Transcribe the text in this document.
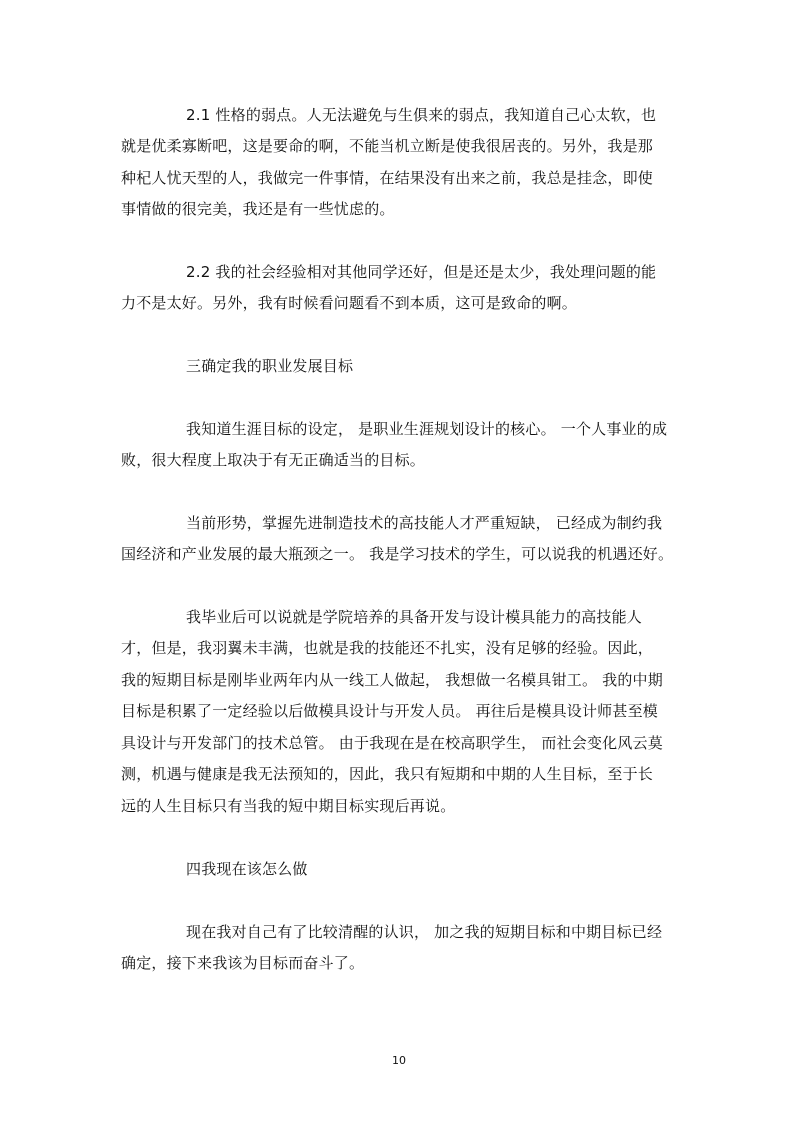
2.1 性格的弱点。人无法避免与生俱来的弱点，我知道自己心太软，也
就是优柔寡断吧，这是要命的啊，不能当机立断是使我很居丧的。另外，我是那
种杞人忧天型的人，我做完一件事情，在结果没有出来之前，我总是挂念，即使
事情做的很完美，我还是有一些忧虑的。
2.2 我的社会经验相对其他同学还好，但是还是太少，我处理问题的能
力不是太好。另外，我有时候看问题看不到本质，这可是致命的啊。
三确定我的职业发展目标
我知道生涯目标的设定， 是职业生涯规划设计的核心。 一个人事业的成
败，很大程度上取决于有无正确适当的目标。
当前形势，掌握先进制造技术的高技能人才严重短缺， 已经成为制约我
国经济和产业发展的最大瓶颈之一。 我是学习技术的学生，可以说我的机遇还好。
我毕业后可以说就是学院培养的具备开发与设计模具能力的高技能人
才，但是，我羽翼未丰满，也就是我的技能还不扎实，没有足够的经验。因此，
我的短期目标是刚毕业两年内从一线工人做起， 我想做一名模具钳工。 我的中期
目标是积累了一定经验以后做模具设计与开发人员。 再往后是模具设计师甚至模
具设计与开发部门的技术总管。 由于我现在是在校高职学生， 而社会变化风云莫
测，机遇与健康是我无法预知的，因此，我只有短期和中期的人生目标，至于长
远的人生目标只有当我的短中期目标实现后再说。
四我现在该怎么做
现在我对自己有了比较清醒的认识， 加之我的短期目标和中期目标已经
确定，接下来我该为目标而奋斗了。
10
